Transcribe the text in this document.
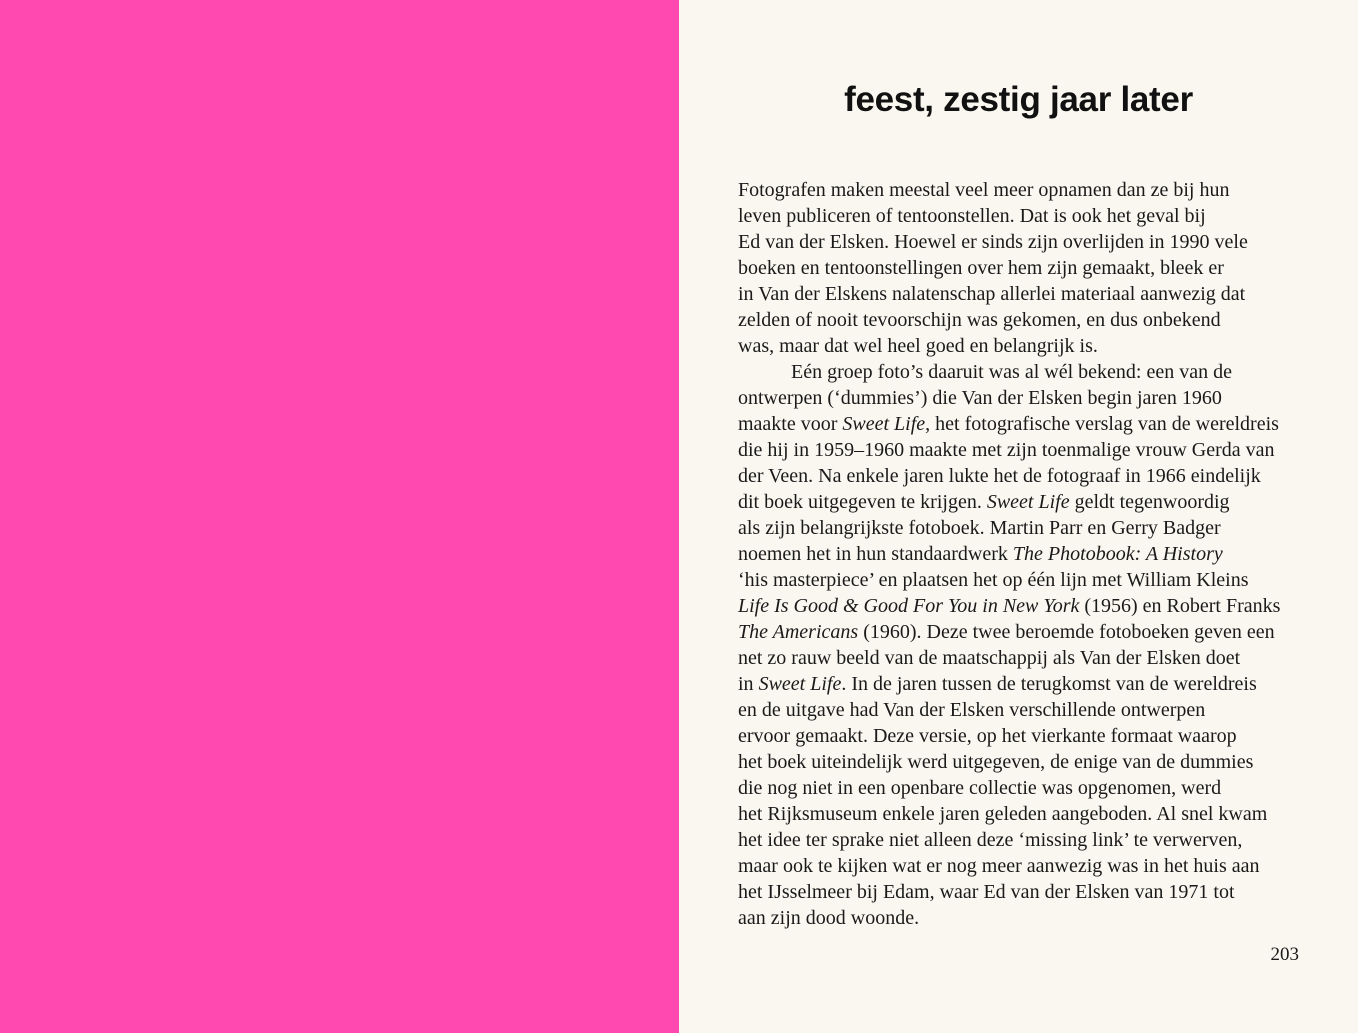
feest, zestig jaar later
Fotografen maken meestal veel meer opnamen dan ze bij hun
leven publiceren of tentoonstellen. Dat is ook het geval bij
Ed van der Elsken. Hoewel er sinds zijn overlijden in 1990 vele
boeken en tentoonstellingen over hem zijn gemaakt, bleek er
in Van der Elskens nalatenschap allerlei materiaal aanwezig dat
zelden of nooit tevoorschijn was gekomen, en dus onbekend
was, maar dat wel heel goed en belangrijk is.
Eén groep foto’s daaruit was al wél bekend: een van de
ontwerpen (‘dummies’) die Van der Elsken begin jaren 1960
maakte voor Sweet Life, het fotografische verslag van de wereldreis
die hij in 1959–1960 maakte met zijn toenmalige vrouw Gerda van
der Veen. Na enkele jaren lukte het de fotograaf in 1966 eindelijk
dit boek uitgegeven te krijgen. Sweet Life geldt tegenwoordig
als zijn belangrijkste fotoboek. Martin Parr en Gerry Badger
noemen het in hun standaardwerk The Photobook: A History
‘his masterpiece’ en plaatsen het op één lijn met William Kleins
Life Is Good & Good For You in New York (1956) en Robert Franks
The Americans (1960). Deze twee beroemde fotoboeken geven een
net zo rauw beeld van de maatschappij als Van der Elsken doet
in Sweet Life. In de jaren tussen de terugkomst van de wereldreis
en de uitgave had Van der Elsken verschillende ontwerpen
ervoor gemaakt. Deze versie, op het vierkante formaat waarop
het boek uiteindelijk werd uitgegeven, de enige van de dummies
die nog niet in een openbare collectie was opgenomen, werd
het Rijksmuseum enkele jaren geleden aangeboden. Al snel kwam
het idee ter sprake niet alleen deze ‘missing link’ te verwerven,
maar ook te kijken wat er nog meer aanwezig was in het huis aan
het IJsselmeer bij Edam, waar Ed van der Elsken van 1971 tot
aan zijn dood woonde.
203
